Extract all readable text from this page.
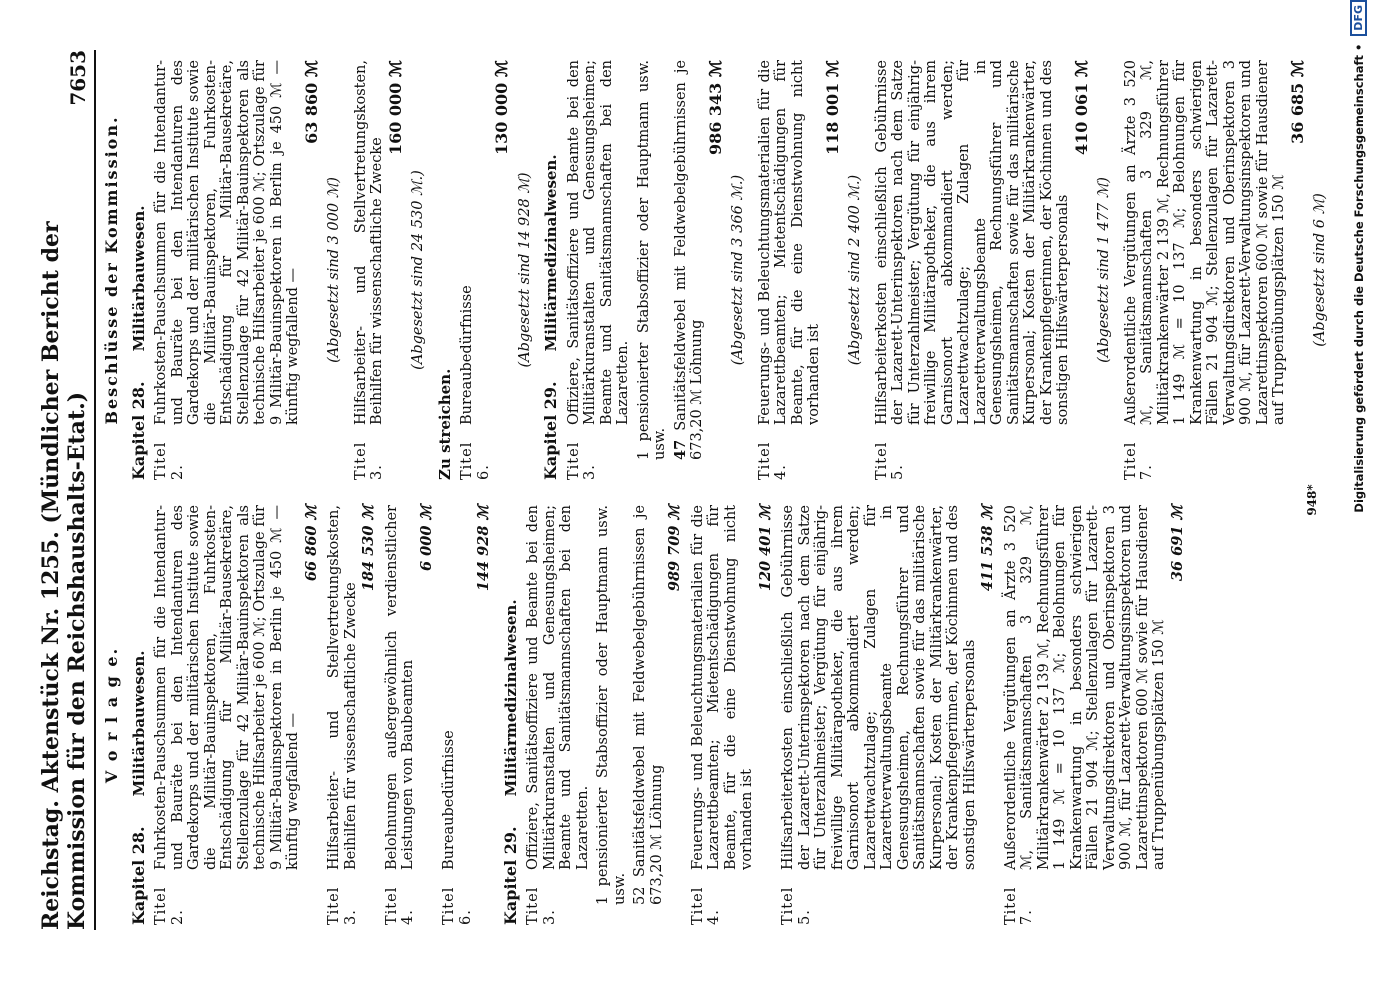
Reichstag. Aktenstück Nr. 1255. (Mündlicher Bericht der Kommission für den Reichshaushalts-Etat.)
7653
V o r l a g e.
Kapitel 28.
Militärbauwesen.
Titel 2.
Fuhrkosten-Pauschsummen für die Intendantur- und Bauräte bei den Intendanturen des Gardekorps und der militärischen Institute sowie die Militär-Bauinspektoren, Fuhrkosten-Entschädigung für Militär-Bausekretäre, Stellenzulage für 42 Militär-Bauinspektoren als technische Hilfsarbeiter je 600 ℳ; Ortszulage für 9 Militär-Bauinspektoren in Berlin je 450 ℳ — künftig wegfallend —
66 860 ℳ
Titel 3.
Hilfsarbeiter- und Stellvertretungskosten, Beihilfen für wissenschaftliche Zwecke
184 530 ℳ
Titel 4.
Belohnungen außergewöhnlich verdienstlicher Leistungen von Baubeamten
6 000 ℳ
Titel 6.
Bureaubedürfnisse
144 928 ℳ
Kapitel 29.
Militärmedizinalwesen.
Titel 3.
Offiziere, Sanitätsoffiziere und Beamte bei den Militärkuranstalten und Genesungsheimen; Beamte und Sanitätsmannschaften bei den Lazaretten. 1 pensionierter Stabsoffizier oder Hauptmann usw. usw. 52 Sanitätsfeldwebel mit Feldwebelgebührnissen je 673,20 ℳ Löhnung
989 709 ℳ
Titel 4.
Feuerungs- und Beleuchtungsmaterialien für die Lazarettbeamten; Mietentschädigungen für Beamte, für die eine Dienstwohnung nicht vorhanden ist
120 401 ℳ
Titel 5.
Hilfsarbeiterkosten einschließlich Gebührnisse der Lazarett-Unterinspektoren nach dem Satze für Unterzahlmeister; Vergütung für einjährig-freiwillige Militärapotheker, die aus ihrem Garnisonort abkommandiert werden; Lazarettwachtzulage; Zulagen für Lazarettverwaltungsbeamte in Genesungsheimen, Rechnungsführer und Sanitätsmannschaften sowie für das militärische Kurpersonal; Kosten der Militärkrankenwärter, der Krankenpflegerinnen, der Köchinnen und des sonstigen Hilfswärterpersonals
411 538 ℳ
Titel 7.
Außerordentliche Vergütungen an Ärzte 3 520 ℳ, Sanitätsmannschaften 3 329 ℳ, Militärkrankenwärter 2 139 ℳ, Rechnungsführer 1 149 ℳ = 10 137 ℳ; Belohnungen für Krankenwartung in besonders schwierigen Fällen 21 904 ℳ; Stellenzulagen für Lazarett-Verwaltungsdirektoren und Oberinspektoren 3 900 ℳ, für Lazarett-Verwaltungsinspektoren und Lazarettinspektoren 600 ℳ sowie für Hausdiener auf Truppenübungsplätzen 150 ℳ
36 691 ℳ
Beschlüsse der Kommission.
Kapitel 28.
Militärbauwesen.
Titel 2.
Fuhrkosten-Pauschsummen für die Intendantur- und Bauräte bei den Intendanturen des Gardekorps und der militärischen Institute sowie die Militär-Bauinspektoren, Fuhrkosten-Entschädigung für Militär-Bausekretäre, Stellenzulage für 42 Militär-Bauinspektoren als technische Hilfsarbeiter je 600 ℳ; Ortszulage für 9 Militär-Bauinspektoren in Berlin je 450 ℳ — künftig wegfallend —
63 860 ℳ
(Abgesetzt sind 3 000 ℳ)
Titel 3.
Hilfsarbeiter- und Stellvertretungskosten, Beihilfen für wissenschaftliche Zwecke
160 000 ℳ
(Abgesetzt sind 24 530 ℳ.)
Zu streichen. Titel 6.
Bureaubedürfnisse
130 000 ℳ
(Abgesetzt sind 14 928 ℳ)
Kapitel 29.
Militärmedizinalwesen.
Titel 3.
Offiziere, Sanitätsoffiziere und Beamte bei den Militärkuranstalten und Genesungsheimen; Beamte und Sanitätsmannschaften bei den Lazaretten. 1 pensionierter Stabsoffizier oder Hauptmann usw. usw. 47 Sanitätsfeldwebel mit Feldwebelgebührnissen je 673,20 ℳ Löhnung
986 343 ℳ
(Abgesetzt sind 3 366 ℳ.)
Titel 4.
Feuerungs- und Beleuchtungsmaterialien für die Lazarettbeamten; Mietentschädigungen für Beamte, für die eine Dienstwohnung nicht vorhanden ist
118 001 ℳ
(Abgesetzt sind 2 400 ℳ.)
Titel 5.
Hilfsarbeiterkosten einschließlich Gebührnisse der Lazarett-Unterinspektoren nach dem Satze für Unterzahlmeister; Vergütung für einjährig-freiwillige Militärapotheker, die aus ihrem Garnisonort abkommandiert werden; Lazarettwachtzulage; Zulagen für Lazarettverwaltungsbeamte in Genesungsheimen, Rechnungsführer und Sanitätsmannschaften sowie für das militärische Kurpersonal; Kosten der Militärkrankenwärter, der Krankenpflegerinnen, der Köchinnen und des sonstigen Hilfswärterpersonals
410 061 ℳ
(Abgesetzt sind 1 477 ℳ)
Titel 7.
Außerordentliche Vergütungen an Ärzte 3 520 ℳ, Sanitätsmannschaften 3 329 ℳ, Militärkrankenwärter 2 139 ℳ, Rechnungsführer 1 149 ℳ = 10 137 ℳ; Belohnungen für Krankenwartung in besonders schwierigen Fällen 21 904 ℳ; Stellenzulagen für Lazarett-Verwaltungsdirektoren und Oberinspektoren 3 900 ℳ, für Lazarett-Verwaltungsinspektoren und Lazarettinspektoren 600 ℳ sowie für Hausdiener auf Truppenübungsplätzen 150 ℳ
36 685 ℳ
(Abgesetzt sind 6 ℳ)
948*	Digitalisierung gefördert durch die Deutsche Forschungsgemeinschaft •
DFG
